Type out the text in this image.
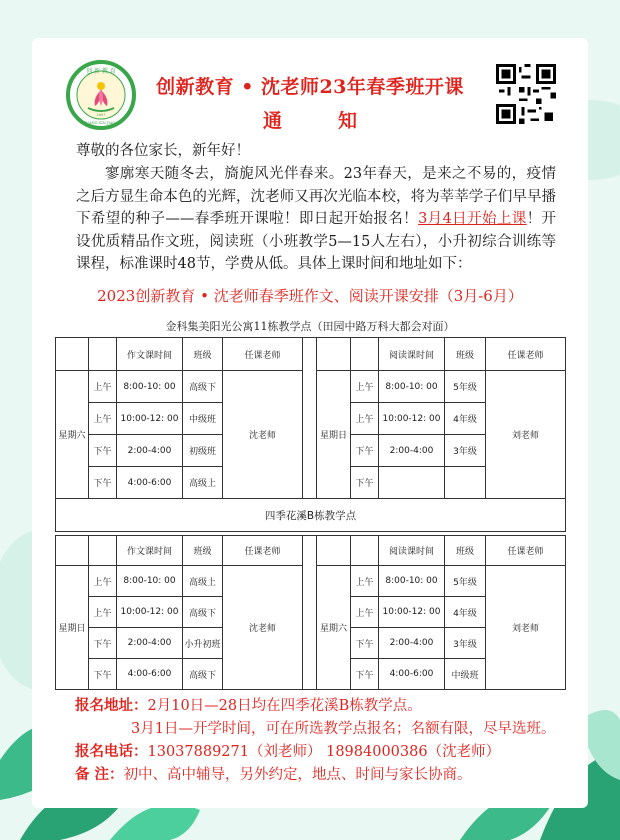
创 新 教 育
2007
CHUANG XIN JIAO YU
创新教育 • 沈老师23年春季班开课
通	知
尊敬的各位家长，新年好！
寥廓寒天随冬去，旖旎风光伴春来。23年春天，是来之不易的，疫情之后方显生命本色的光辉，沈老师又再次光临本校，将为莘莘学子们早早播下希望的种子——春季班开课啦！即日起开始报名！3月4日开始上课！开设优质精品作文班，阅读班（小班教学5—15人左右），小升初综合训练等课程，标准课时48节，学费从低。具体上课时间和地址如下：
2023创新教育 • 沈老师春季班作文、阅读开课安排（3月-6月）
金科集美阳光公寓11栋教学点（田园中路万科大都会对面）
		作文课时间	班级	任课老师				阅读课时间	班级	任课老师
星期六	上午	8:00-10: 00	高级下	沈老师		星期日	上午	8:00-10: 00	5年级	刘老师
	上午	10:00-12: 00	中级班				上午	10:00-12: 00	4年级	
	下午	2:00-4:00	初级班				下午	2:00-4:00	3年级	
	下午	4:00-6:00	高级上				下午			
四季花溪B栋教学点										
		作文课时间	班级	任课老师				阅读课时间	班级	任课老师
星期日	上午	8:00-10: 00	高级上	沈老师		星期六	上午	8:00-10: 00	5年级	刘老师
	上午	10:00-12: 00	高级下				上午	10:00-12: 00	4年级	
	下午	2:00-4:00	小升初班				下午	2:00-4:00	3年级	
	下午	4:00-6:00	高级下				下午	4:00-6:00	中级班	
报名地址：2月10日—28日均在四季花溪B栋教学点。
3月1日—开学时间，可在所选教学点报名；名额有限，尽早选班。
报名电话：13037889271（刘老师） 18984000386（沈老师）
备 注：初中、高中辅导，另外约定，地点、时间与家长协商。
